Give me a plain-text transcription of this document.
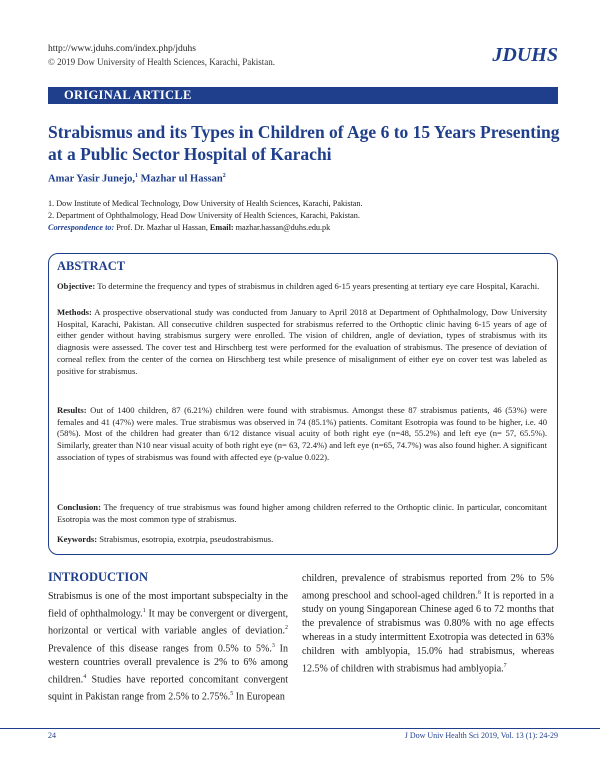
http://www.jduhs.com/index.php/jduhs
© 2019 Dow University of Health Sciences, Karachi, Pakistan.	JDUHS
ORIGINAL ARTICLE
Strabismus and its Types in Children of Age 6 to 15 Years Presenting at a Public Sector Hospital of Karachi
Amar Yasir Junejo,$^1$ Mazhar ul Hassan$^2$
1. Dow Institute of Medical Technology, Dow University of Health Sciences, Karachi, Pakistan.
2. Department of Ophthalmology, Head Dow University of Health Sciences, Karachi, Pakistan.
Correspondence to: Prof. Dr. Mazhar ul Hassan, Email: mazhar.hassan@duhs.edu.pk
ABSTRACT
Objective: To determine the frequency and types of strabismus in children aged 6-15 years presenting at tertiary eye care Hospital, Karachi.
Methods: A prospective observational study was conducted from January to April 2018 at Department of Ophthalmology, Dow University Hospital, Karachi, Pakistan. All consecutive children suspected for strabismus referred to the Orthoptic clinic having 6-15 years of age of either gender without having strabismus surgery were enrolled. The vision of children, angle of deviation, types of strabismus with its diagnosis were assessed. The cover test and Hirschberg test were performed for the evaluation of strabismus. The presence of deviation of corneal reflex from the center of the cornea on Hirschberg test while presence of misalignment of either eye on cover test was labeled as positive for strabismus.
Results: Out of 1400 children, 87 (6.21%) children were found with strabismus. Amongst these 87 strabismus patients, 46 (53%) were females and 41 (47%) were males. True strabismus was observed in 74 (85.1%) patients. Comitant Esotropia was found to be higher, i.e. 40 (58%). Most of the children had greater than 6/12 distance visual acuity of both right eye (n=48, 55.2%) and left eye (n= 57, 65.5%). Similarly, greater than N10 near visual acuity of both right eye (n= 63, 72.4%) and left eye (n=65, 74.7%) was also found higher. A significant association of types of strabismus was found with affected eye (p-value 0.022).
Conclusion: The frequency of true strabismus was found higher among children referred to the Orthoptic clinic. In particular, concomitant Esotropia was the most common type of strabismus.
Keywords: Strabismus, esotropia, exotrpia, pseudostrabismus.
INTRODUCTION
Strabismus is one of the most important subspecialty in the field of ophthalmology.$^1$ It may be convergent or divergent, horizontal or vertical with variable angles of deviation.$^2$ Prevalence of this disease ranges from 0.5% to 5%.$^3$ In western countries overall prevalence is 2% to 6% among children.$^4$ Studies have reported concomitant convergent squint in Pakistan range from 2.5% to 2.75%.$^5$ In European
children, prevalence of strabismus reported from 2% to 5% among preschool and school-aged children.$^6$ It is reported in a study on young Singaporean Chinese aged 6 to 72 months that the prevalence of strabismus was 0.80% with no age effects whereas in a study intermittent Exotropia was detected in 63% children with amblyopia, 15.0% had strabismus, whereas 12.5% of children with strabismus had amblyopia.$^7$
24	J Dow Univ Health Sci 2019, Vol. 13 (1): 24-29
